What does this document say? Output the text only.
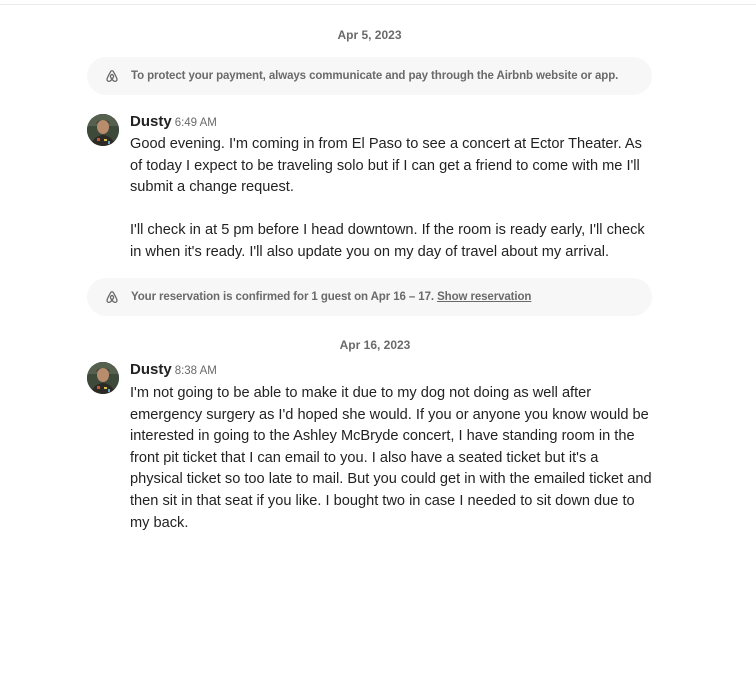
Apr 5, 2023
To protect your payment, always communicate and pay through the Airbnb website or app.
Dusty 6:49 AM

Good evening. I'm coming in from El Paso to see a concert at Ector Theater. As of today I expect to be traveling solo but if I can get a friend to come with me I'll submit a change request.

I'll check in at 5 pm before I head downtown. If the room is ready early, I'll check in when it's ready. I'll also update you on my day of travel about my arrival.

Your reservation is confirmed for 1 guest on Apr 16 – 17. Show reservation
Apr 16, 2023
Dusty 8:38 AM

I'm not going to be able to make it due to my dog not doing as well after emergency surgery as I'd hoped she would. If you or anyone you know would be interested in going to the Ashley McBryde concert, I have standing room in the front pit ticket that I can email to you. I also have a seated ticket but it's a physical ticket so too late to mail. But you could get in with the emailed ticket and then sit in that seat if you like. I bought two in case I needed to sit down due to my back.
